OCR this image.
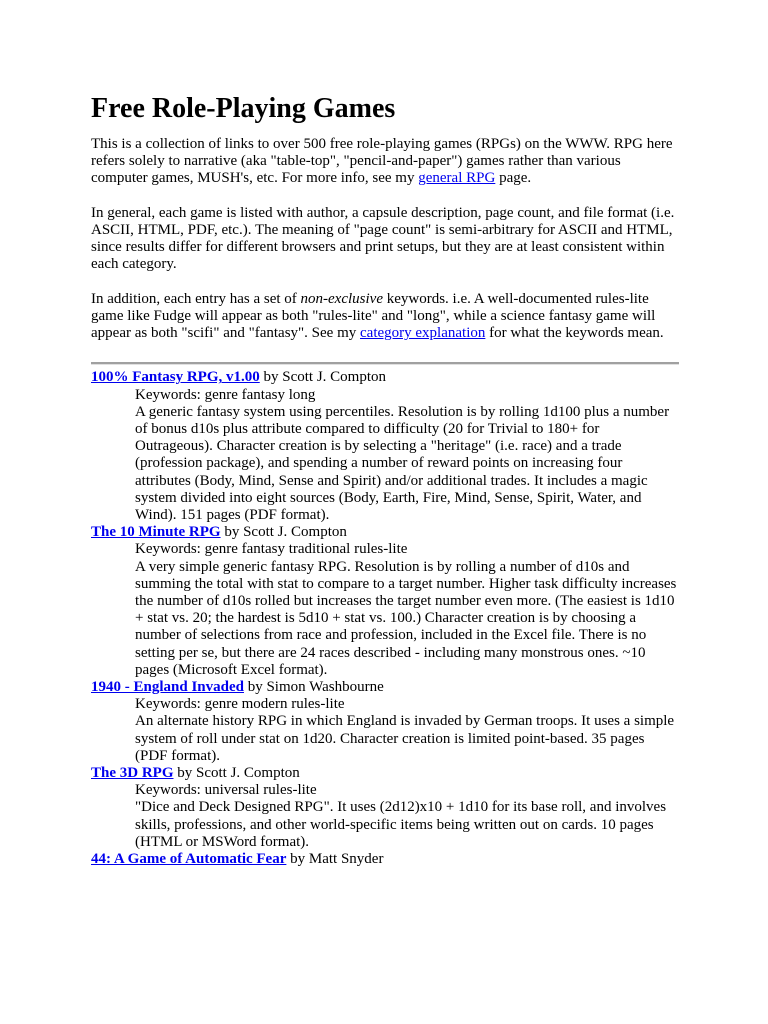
Free Role-Playing Games

This is a collection of links to over 500 free role-playing games (RPGs) on the WWW. RPG here refers solely to narrative (aka "table-top", "pencil-and-paper") games rather than various computer games, MUSH's, etc. For more info, see my general RPG page.

In general, each game is listed with author, a capsule description, page count, and file format (i.e. ASCII, HTML, PDF, etc.). The meaning of "page count" is semi-arbitrary for ASCII and HTML, since results differ for different browsers and print setups, but they are at least consistent within each category.

In addition, each entry has a set of non-exclusive keywords. i.e. A well-documented rules-lite game like Fudge will appear as both "rules-lite" and "long", while a science fantasy game will appear as both "scifi" and "fantasy". See my category explanation for what the keywords mean.

100% Fantasy RPG, v1.00 by Scott J. Compton
Keywords: genre fantasy long
A generic fantasy system using percentiles. Resolution is by rolling 1d100 plus a number of bonus d10s plus attribute compared to difficulty (20 for Trivial to 180+ for Outrageous). Character creation is by selecting a "heritage" (i.e. race) and a trade (profession package), and spending a number of reward points on increasing four attributes (Body, Mind, Sense and Spirit) and/or additional trades. It includes a magic system divided into eight sources (Body, Earth, Fire, Mind, Sense, Spirit, Water, and Wind). 151 pages (PDF format).
The 10 Minute RPG by Scott J. Compton
Keywords: genre fantasy traditional rules-lite
A very simple generic fantasy RPG. Resolution is by rolling a number of d10s and summing the total with stat to compare to a target number. Higher task difficulty increases the number of d10s rolled but increases the target number even more. (The easiest is 1d10 + stat vs. 20; the hardest is 5d10 + stat vs. 100.) Character creation is by choosing a number of selections from race and profession, included in the Excel file. There is no setting per se, but there are 24 races described - including many monstrous ones. ~10 pages (Microsoft Excel format).
1940 - England Invaded by Simon Washbourne
Keywords: genre modern rules-lite
An alternate history RPG in which England is invaded by German troops. It uses a simple system of roll under stat on 1d20. Character creation is limited point-based. 35 pages (PDF format).
The 3D RPG by Scott J. Compton
Keywords: universal rules-lite
"Dice and Deck Designed RPG". It uses (2d12)x10 + 1d10 for its base roll, and involves skills, professions, and other world-specific items being written out on cards. 10 pages (HTML or MSWord format).
44: A Game of Automatic Fear by Matt Snyder
